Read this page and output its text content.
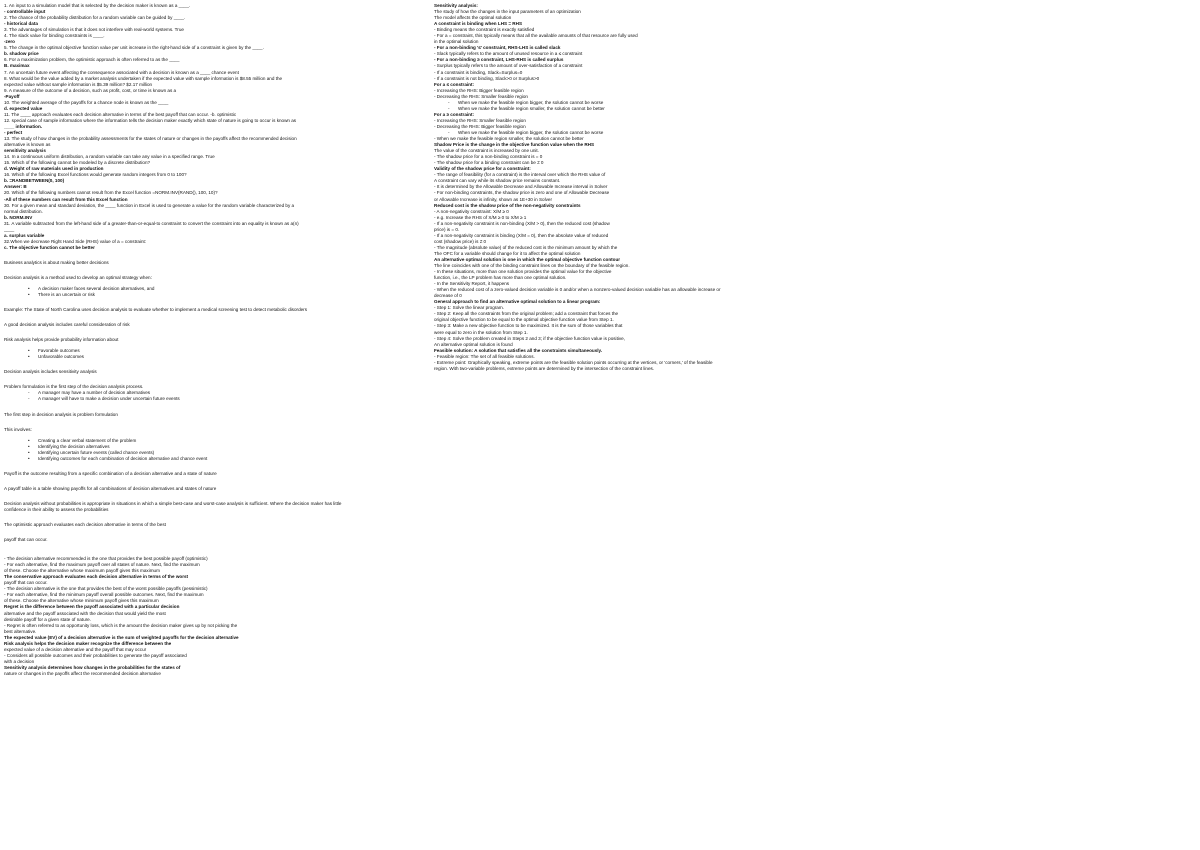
1. An input to a simulation model that is selected by the decision maker is known as a ____.
- controllable input
2. The chance of the probability distribution for a random variable can be guided by ____.
- historical data
3. The advantages of simulation is that it does not interfere with real-world systems. True
4. The slack value for binding constraints is ____.
-zero
5. The change in the optimal objective function value per unit increase in the right-hand side of a constraint is given by the ____.
b. shadow price
6. For a maximization problem, the optimistic approach is often referred to as the ____
B. maximax
7. An uncertain future event affecting the consequence associated with a decision is known as a ____ chance event
8. What would be the value added by a market analysis undertaken if the expected value with sample information is $8.55 million and the
expected value without sample information is $5.39 million? $2.17 million
9. A measure of the outcome of a decision, such as profit, cost, or time is known as a
-Payoff
10. The weighted average of the payoffs for a chance node is known as the ____
d. expected value
11. The ____ approach evaluates each decision alternative in terms of the best payoff that can occur. -b. optimistic
12. special case of sample information where the information tells the decision maker exactly which state of nature is going to occur is known as
____ information.
- perfect
13. The study of how changes in the probability assessments for the states of nature or changes in the payoffs affect the recommended decision
alternative is known as
sensitivity analysis
14. In a continuous uniform distribution, a random variable can take any value in a specified range. True
15. Which of the following cannot be modeled by a discrete distribution?
d. Weight of raw materials used in production
16. Which of the following Excel functions would generate random integers from 0 to 100?
b. =RANDBETWEEN(0, 100)
Answer: B
20. Which of the following numbers cannot result from the Excel function =NORM.INV(RAND(), 100, 10)?
-All of these numbers can result from this Excel function
30. For a given mean and standard deviation, the ____ function in Excel is used to generate a value for the random variable characterized by a
normal distribution.
b. NORM.INV
31. A variable subtracted from the left-hand side of a greater-than-or-equal-to constraint to convert the constraint into an equality is known as a(n)
____
a. surplus variable
32.When we decrease Right Hand Side (RHS) value of a = constraint:
c. The objective function cannot be better
Business analytics is about making better decisions
Decision analysis is a method used to develop an optimal strategy when:
• A decision maker faces several decision alternatives, and
• There is an uncertain or risk
Example: The State of North Carolina uses decision analysis to evaluate whether to implement a medical screening test to detect metabolic disorders
A good decision analysis includes careful consideration of risk
Risk analysis helps provide probability information about
• Favorable outcomes
• Unfavorable outcomes
Decision analysis includes sensitivity analysis
Problem formulation is the first step of the decision analysis process.
- A manager may have a number of decision alternatives
- A manager will have to make a decision under uncertain future events
The first step in decision analysis is problem formulation
This involves:
• Creating a clear verbal statement of the problem
• Identifying the decision alternatives
• Identifying uncertain future events (called chance events)
• Identifying outcomes for each combination of decision alternative and chance event
Payoff is the outcome resulting from a specific combination of a decision alternative and a state of nature
A payoff table is a table showing payoffs for all combinations of decision alternatives and states of nature
Decision analysis without probabilities is appropriate in situations in which a simple best-case and worst-case analysis is sufficient. Where the decision maker has little
confidence in their ability to assess the probabilities
The optimistic approach evaluates each decision alternative in terms of the best
payoff that can occur.
- The decision alternative recommended is the one that provides the best possible payoff (optimistic)
- For each alternative, find the maximum payoff over all states of nature. Next, find the maximum
of these. Choose the alternative whose maximum payoff gives this maximum
The conservative approach evaluates each decision alternative in terms of the worst
payoff that can occur.
- The decision alternative is the one that provides the best of the worst possible payoffs (pessimistic)
- For each alternative, find the minimum payoff overall possible outcomes. Next, find the maximum
of these. Choose the alternative whose minimum payoff gives this maximum
Regret is the difference between the payoff associated with a particular decision
alternative and the payoff associated with the decision that would yield the most
desirable payoff for a given state of nature.
- Regret is often referred to as opportunity loss, which is the amount the decision maker gives up by not picking the
best alternative.
The expected value (EV) of a decision alternative is the sum of weighted payoffs for the decision alternative
Risk analysis helps the decision maker recognize the difference between the
expected value of a decision alternative and the payoff that may occur
- Considers all possible outcomes and their probabilities to generate the payoff associated
with a decision
Sensitivity analysis determines how changes in the probabilities for the states of
nature or changes in the payoffs affect the recommended decision alternative
Sensitivity analysis:
The study of how the changes in the input parameters of an optimization
The model affects the optimal solution
A constraint is binding when LHS = RHS
- Binding means the constraint is exactly satisfied
- For a = constraint, this typically means that all the available amounts of that resource are fully used
in the optimal solution
- For a non-binding '≤' constraint, RHS-LHS is called slack
- Slack typically refers to the amount of unused resource in a ≤ constraint
- For a non-binding ≥ constraint, LHS-RHS is called surplus
- Surplus typically refers to the amount of over-satisfaction of a constraint
- If a constraint is binding, Slack=Surplus=0
- If a constraint is not binding, Slack>0 or Surplus>0
For a ≤ constraint:
- Increasing the RHS: Bigger feasible region
- Decreasing the RHS: Smaller feasible region
- When we make the feasible region bigger, the solution cannot be worse
- When we make the feasible region smaller, the solution cannot be better
For a ≥ constraint:
- Increasing the RHS: Smaller feasible region
- Decreasing the RHS: Bigger feasible region
- When we make the feasible region bigger, the solution cannot be worse
- When we make the feasible region smaller, the solution cannot be better
Shadow Price is the change in the objective function value when the RHS
The value of the constraint is increased by one unit.
- The shadow price for a non-binding constraint is = 0
- The shadow price for a binding constraint can be ≠ 0
Validity of the shadow price for a constraint:
- The range of feasibility (for a constraint) is the interval over which the RHS value of
A constraint can vary while its shadow price remains constant.
- It is determined by the Allowable Decrease and Allowable Increase interval in Solver
- For non-binding constraints, the shadow price is zero and one of Allowable Decrease
or Allowable Increase is infinity, shown as 1E+30 in Solver
Reduced cost is the shadow price of the non-negativity constraints
- A non-negativity constraint: X/M ≥ 0
- e.g. Increase the RHS of X/M ≥ 0 to X/M ≥ 1
- If a non-negativity constraint is non-binding (X/M > 0), then the reduced cost (shadow
price) is = 0.
- If a non-negativity constraint is binding (X/M = 0), then the absolute value of reduced
cost (shadow price) is ≠ 0
- The magnitude (absolute value) of the reduced cost is the minimum amount by which the
The OFC for a variable should change for it to affect the optimal solution
An alternative optimal solution is one in which the optimal objective function contour
The line coincides with one of the binding constraint lines on the boundary of the feasible region.
- In these situations, more than one solution provides the optimal value for the objective
function, i.e., the LP problem has more than one optimal solution.
- In the Sensitivity Report, it happens
- When the reduced cost of a zero-valued decision variable is 0 and/or when a nonzero-valued decision variable has an allowable increase or
decrease of 0
General approach to find an alternative optimal solution to a linear program:
- Step 1: Solve the linear program.
- Step 2: Keep all the constraints from the original problem; add a constraint that forces the
original objective function to be equal to the optimal objective function value from Step 1.
- Step 3: Make a new objective function to be maximized. It is the sum of those variables that
were equal to zero in the solution from Step 1.
- Step 4: Solve the problem created in Steps 2 and 3; if the objective function value is positive,
An alternative optimal solution is found
Feasible solution: A solution that satisfies all the constraints simultaneously.
- Feasible region: The set of all feasible solutions.
- Extreme point: Graphically speaking, extreme points are the feasible solution points occurring at the vertices, or 'corners,' of the feasible
region. With two-variable problems, extreme points are determined by the intersection of the constraint lines.
